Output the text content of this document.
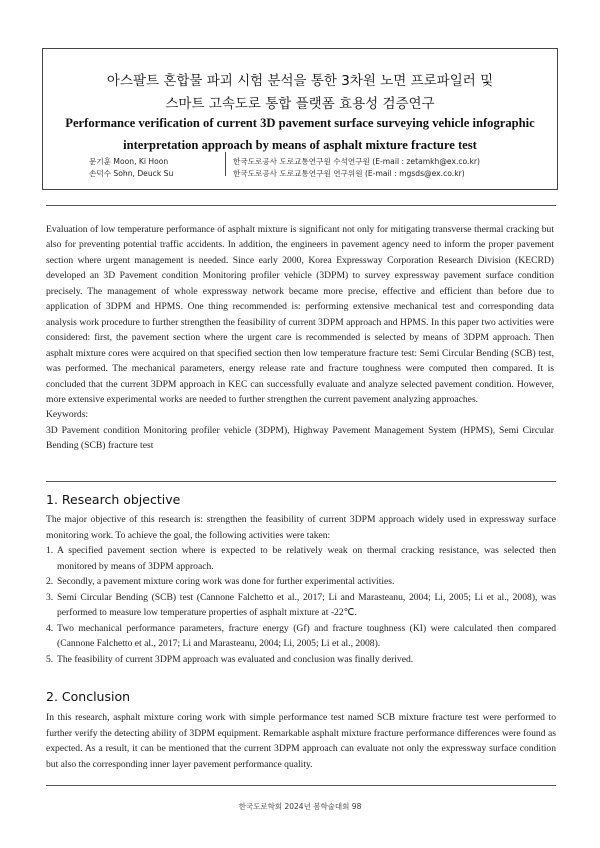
아스팔트 혼합물 파괴 시험 분석을 통한 3차원 노면 프로파일러 및
스마트 고속도로 통합 플랫폼 효용성 검증연구
Performance verification of current 3D pavement surface surveying vehicle infographic
interpretation approach by means of asphalt mixture fracture test
문기훈 Moon, Ki Hoon	한국도로공사 도로교통연구원 수석연구원 (E-mail : zetamkh@ex.co.kr)
손덕수 Sohn, Deuck Su	한국도로공사 도로교통연구원 연구위원 (E-mail : mgsds@ex.co.kr)

Evaluation of low temperature performance of asphalt mixture is significant not only for mitigating transverse thermal cracking but also for preventing potential traffic accidents. In addition, the engineers in pavement agency need to inform the proper pavement section where urgent management is needed. Since early 2000, Korea Expressway Corporation Research Division (KECRD) developed an 3D Pavement condition Monitoring profiler vehicle (3DPM) to survey expressway pavement surface condition precisely. The management of whole expressway network became more precise, effective and efficient than before due to application of 3DPM and HPMS. One thing recommended is: performing extensive mechanical test and corresponding data analysis work procedure to further strengthen the feasibility of current 3DPM approach and HPMS. In this paper two activities were considered: first, the pavement section where the urgent care is recommended is selected by means of 3DPM approach. Then asphalt mixture cores were acquired on that specified section then low temperature fracture test: Semi Circular Bending (SCB) test, was performed. The mechanical parameters, energy release rate and fracture toughness were computed then compared. It is concluded that the current 3DPM approach in KEC can successfully evaluate and analyze selected pavement condition. However, more extensive experimental works are needed to further strengthen the current pavement analyzing approaches.

Keywords:

3D Pavement condition Monitoring profiler vehicle (3DPM), Highway Pavement Management System (HPMS), Semi Circular Bending (SCB) fracture test

1. Research objective

The major objective of this research is: strengthen the feasibility of current 3DPM approach widely used in expressway surface monitoring work. To achieve the goal, the following activities were taken:

1. A specified pavement section where is expected to be relatively weak on thermal cracking resistance, was selected then monitored by means of 3DPM approach.
2. Secondly, a pavement mixture coring work was done for further experimental activities.
3. Semi Circular Bending (SCB) test (Cannone Falchetto et al., 2017; Li and Marasteanu, 2004; Li, 2005; Li et al., 2008), was performed to measure low temperature properties of asphalt mixture at -22℃.
4. Two mechanical performance parameters, fracture energy (Gf) and fracture toughness (KI) were calculated then compared (Cannone Falchetto et al., 2017; Li and Marasteanu, 2004; Li, 2005; Li et al., 2008).
5. The feasibility of current 3DPM approach was evaluated and conclusion was finally derived.
2. Conclusion

In this research, asphalt mixture coring work with simple performance test named SCB mixture fracture test were performed to further verify the detecting ability of 3DPM equipment. Remarkable asphalt mixture fracture performance differences were found as expected. As a result, it can be mentioned that the current 3DPM approach can evaluate not only the expressway surface condition but also the corresponding inner layer pavement performance quality.

한국도로학회 2024년 봄학술대회 98
